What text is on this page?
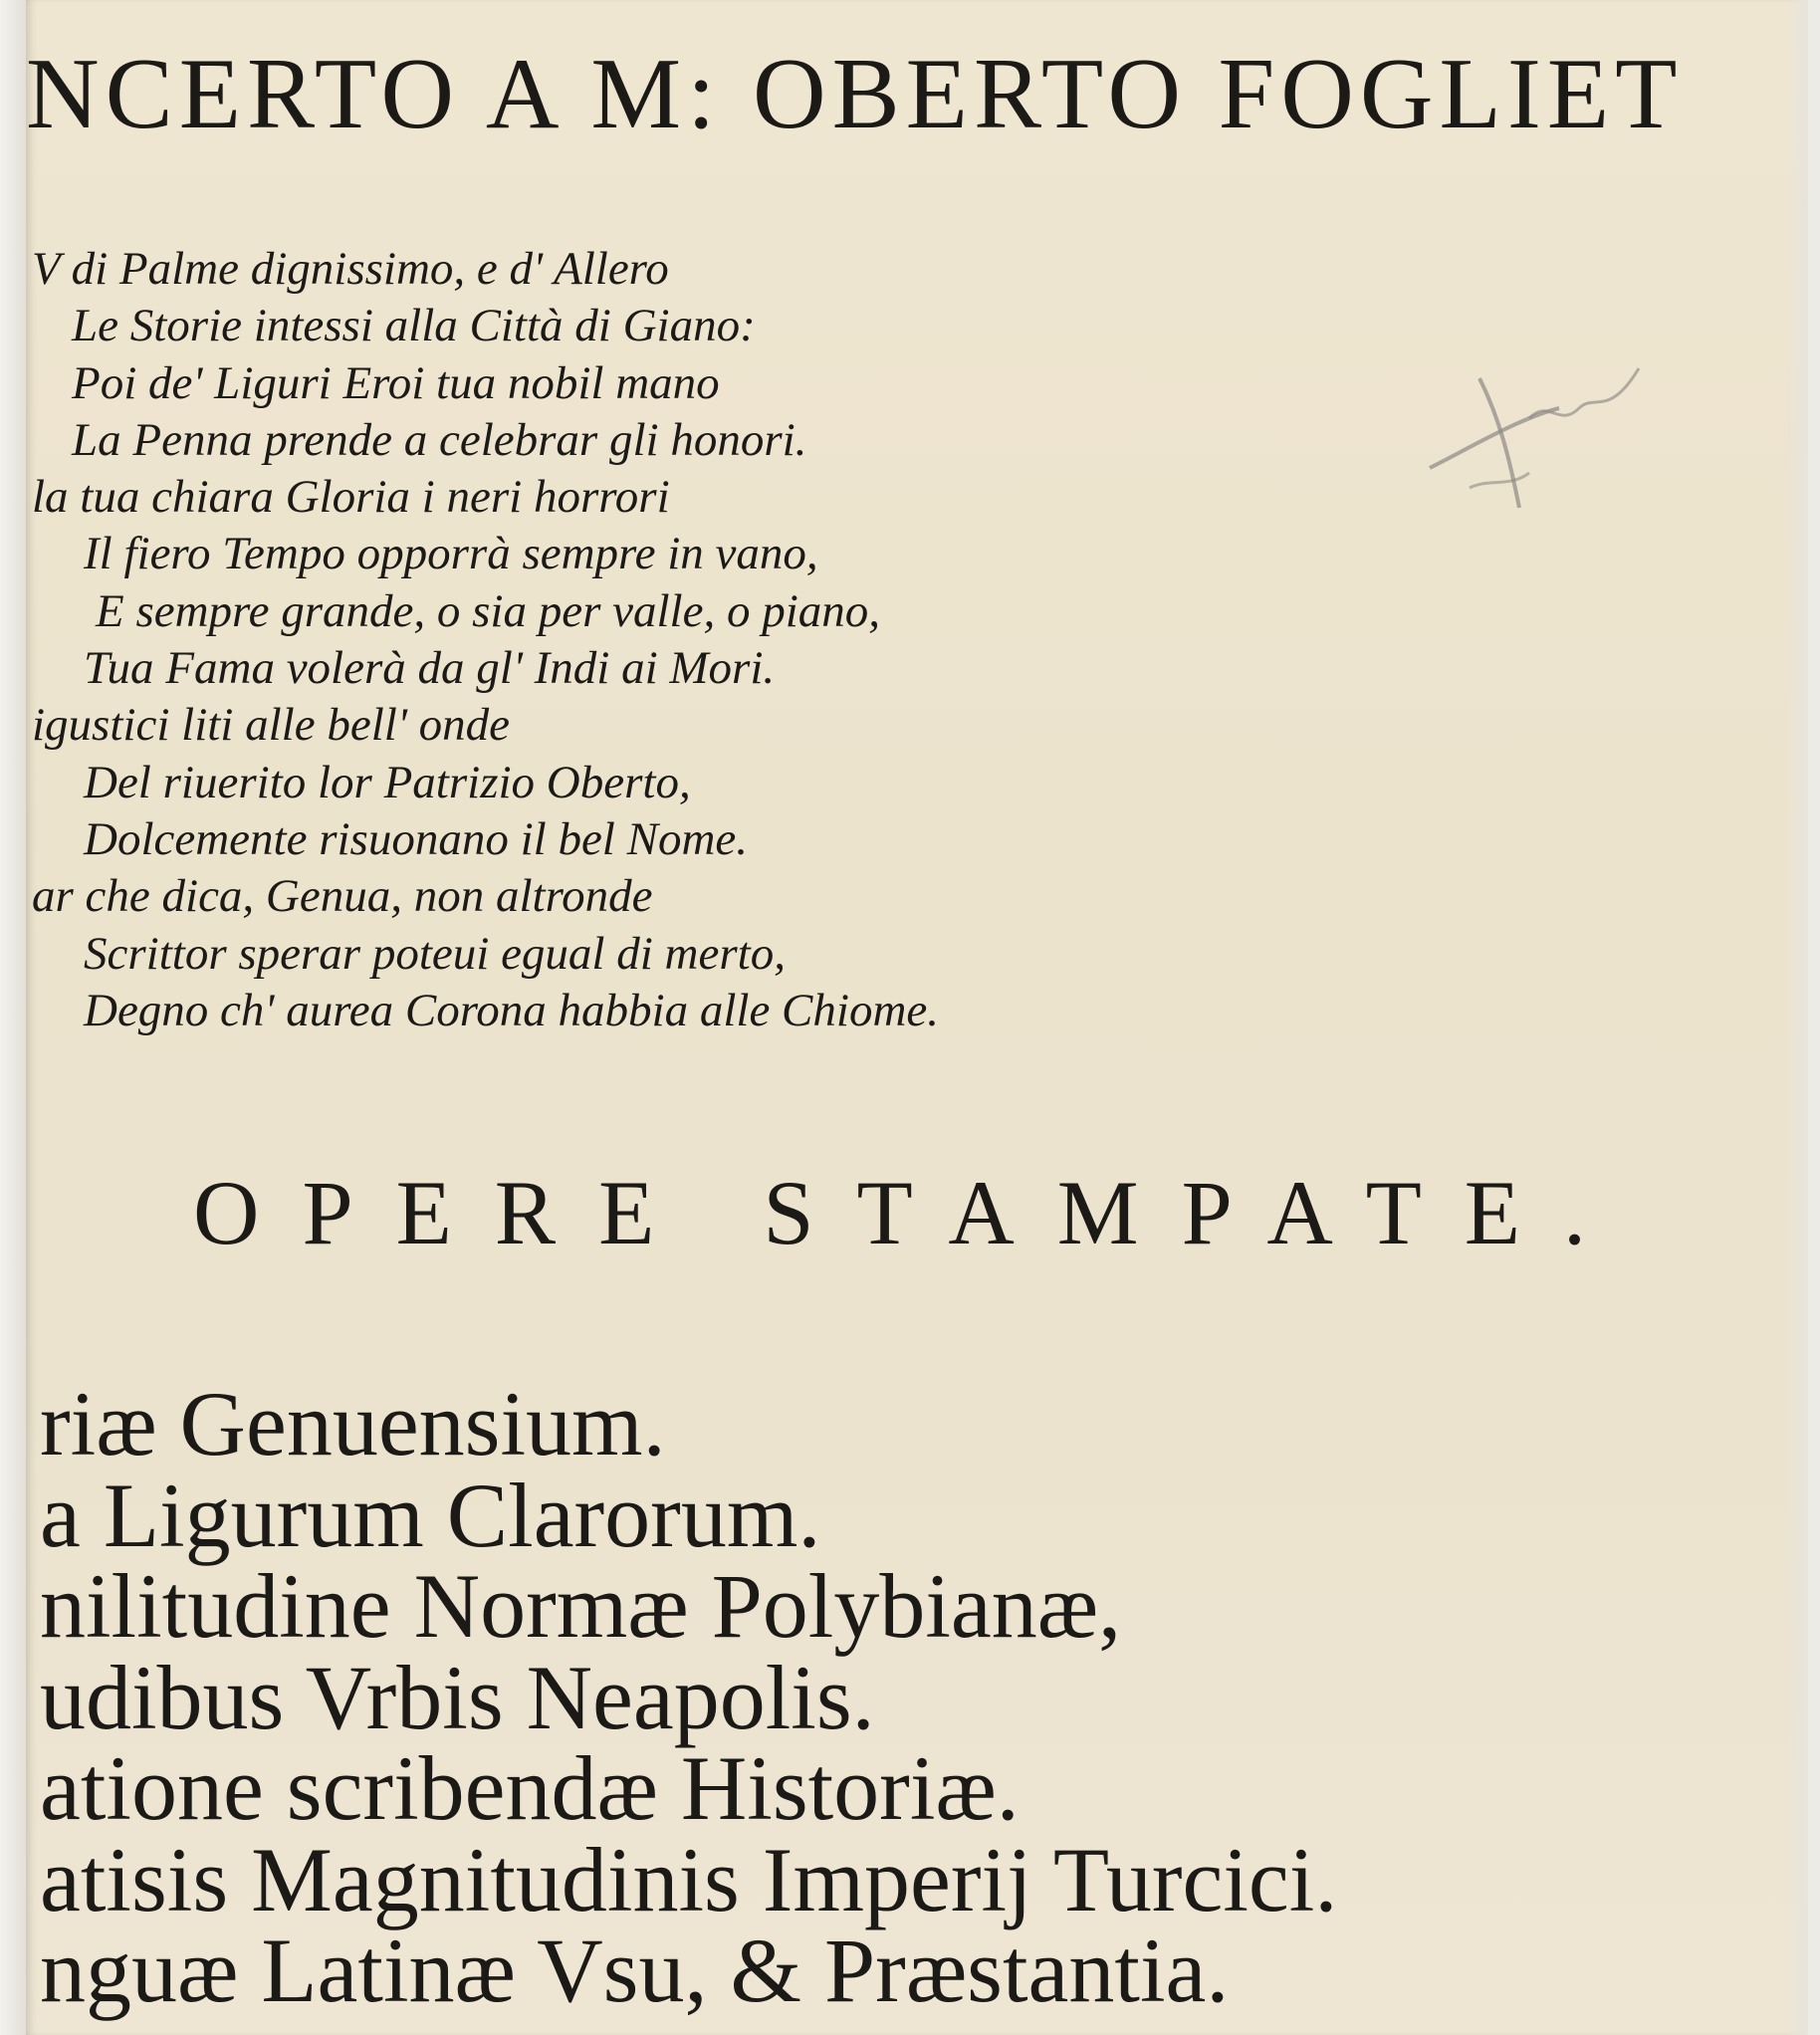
NCERTO A M: OBERTO FOGLIET
V di Palme dignissimo, e d' Allero
Le Storie intessi alla Città di Giano:
Poi de' Liguri Eroi tua nobil mano
La Penna prende a celebrar gli honori.
la tua chiara Gloria i neri horrori
Il fiero Tempo opporrà sempre in vano,
E sempre grande, o sia per valle, o piano,
Tua Fama volerà da gl' Indi ai Mori.
igustici liti alle bell' onde
Del riuerito lor Patrizio Oberto,
Dolcemente risuonano il bel Nome.
ar che dica, Genua, non altronde
Scrittor sperar poteui egual di merto,
Degno ch' aurea Corona habbia alle Chiome.
OPERE STAMPATE.
riæ Genuensium.
a Ligurum Clarorum.
nilitudine Normæ Polybianæ,
udibus Vrbis Neapolis.
atione scribendæ Historiæ.
atisis Magnitudinis Imperij Turcici.
nguæ Latinæ Vsu, & Præstantia.
